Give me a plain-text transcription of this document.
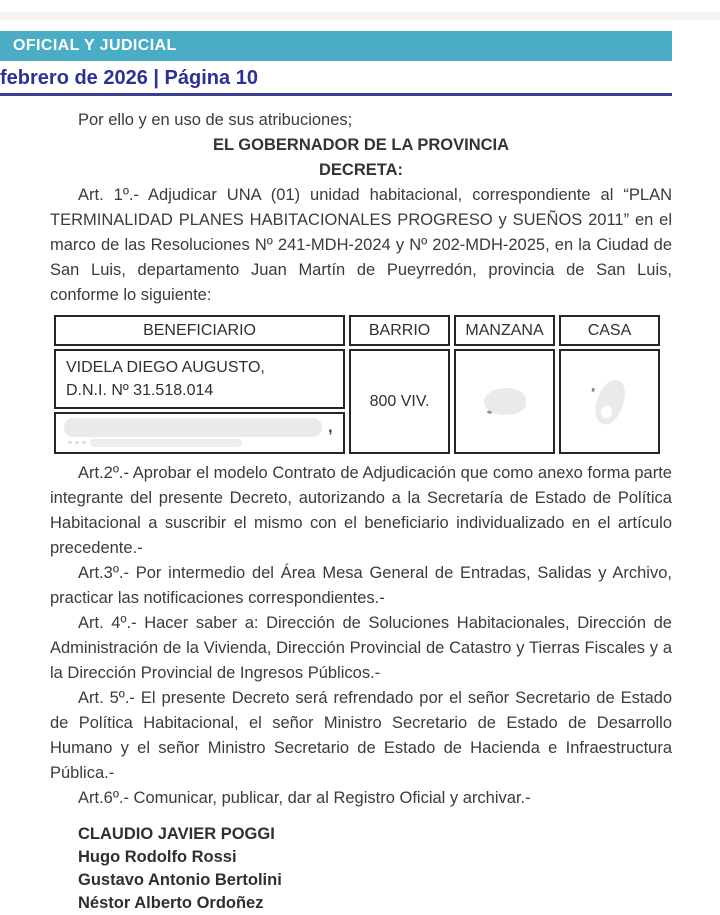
OFICIAL Y JUDICIAL
febrero de 2026 | Página 10

Por ello y en uso de sus atribuciones;

EL GOBERNADOR DE LA PROVINCIA

DECRETA:

Art. 1º.- Adjudicar UNA (01) unidad habitacional, correspondiente al “PLAN TERMINALIDAD PLANES HABITACIONALES PROGRESO y SUEÑOS 2011” en el marco de las Resoluciones Nº 241-MDH-2024 y Nº 202-MDH-2025, en la Ciudad de San Luis, departamento Juan Martín de Pueyrredón, provincia de San Luis, conforme lo siguiente:

BENEFICIARIO	BARRIO	MANZANA	CASA

VIDELA DIEGO AUGUSTO,
D.N.I. Nº 31.518.014	800 VIV.	

,			

Art.2º.- Aprobar el modelo Contrato de Adjudicación que como anexo forma parte integrante del presente Decreto, autorizando a la Secretaría de Estado de Política Habitacional a suscribir el mismo con el beneficiario individualizado en el artículo precedente.-

Art.3º.- Por intermedio del Área Mesa General de Entradas, Salidas y Archivo, practicar las notificaciones correspondientes.-

Art. 4º.- Hacer saber a: Dirección de Soluciones Habitacionales, Dirección de Administración de la Vivienda, Dirección Provincial de Catastro y Tierras Fiscales y a la Dirección Provincial de Ingresos Públicos.-

Art. 5º.- El presente Decreto será refrendado por el señor Secretario de Estado de Política Habitacional, el señor Ministro Secretario de Estado de Desarrollo Humano y el señor Ministro Secretario de Estado de Hacienda e Infraestructura Pública.-

Art.6º.- Comunicar, publicar, dar al Registro Oficial y archivar.-

CLAUDIO JAVIER POGGI
Hugo Rodolfo Rossi
Gustavo Antonio Bertolini
Néstor Alberto Ordoñez
